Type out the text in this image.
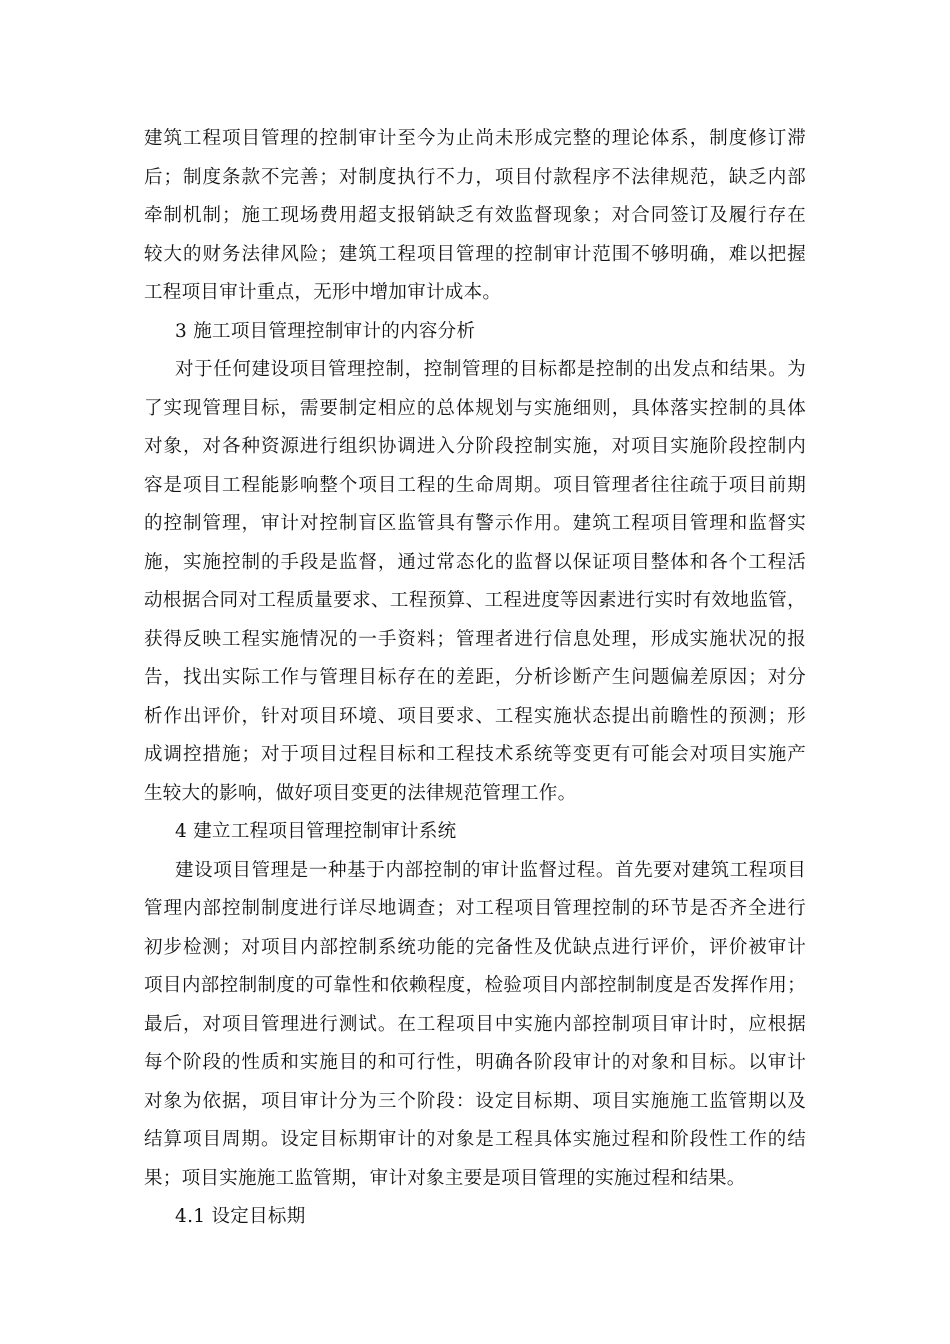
建筑工程项目管理的控制审计至今为止尚未形成完整的理论体系，制度修订滞
后；制度条款不完善；对制度执行不力，项目付款程序不法律规范，缺乏内部
牵制机制；施工现场费用超支报销缺乏有效监督现象；对合同签订及履行存在
较大的财务法律风险；建筑工程项目管理的控制审计范围不够明确，难以把握
工程项目审计重点，无形中增加审计成本。
3 施工项目管理控制审计的内容分析
对于任何建设项目管理控制，控制管理的目标都是控制的出发点和结果。为
了实现管理目标，需要制定相应的总体规划与实施细则，具体落实控制的具体
对象，对各种资源进行组织协调进入分阶段控制实施，对项目实施阶段控制内
容是项目工程能影响整个项目工程的生命周期。项目管理者往往疏于项目前期
的控制管理，审计对控制盲区监管具有警示作用。建筑工程项目管理和监督实
施，实施控制的手段是监督，通过常态化的监督以保证项目整体和各个工程活
动根据合同对工程质量要求、工程预算、工程进度等因素进行实时有效地监管，
获得反映工程实施情况的一手资料；管理者进行信息处理，形成实施状况的报
告，找出实际工作与管理目标存在的差距，分析诊断产生问题偏差原因；对分
析作出评价，针对项目环境、项目要求、工程实施状态提出前瞻性的预测；形
成调控措施；对于项目过程目标和工程技术系统等变更有可能会对项目实施产
生较大的影响，做好项目变更的法律规范管理工作。
4 建立工程项目管理控制审计系统
建设项目管理是一种基于内部控制的审计监督过程。首先要对建筑工程项目
管理内部控制制度进行详尽地调查；对工程项目管理控制的环节是否齐全进行
初步检测；对项目内部控制系统功能的完备性及优缺点进行评价，评价被审计
项目内部控制制度的可靠性和依赖程度，检验项目内部控制制度是否发挥作用；
最后，对项目管理进行测试。在工程项目中实施内部控制项目审计时，应根据
每个阶段的性质和实施目的和可行性，明确各阶段审计的对象和目标。以审计
对象为依据，项目审计分为三个阶段：设定目标期、项目实施施工监管期以及
结算项目周期。设定目标期审计的对象是工程具体实施过程和阶段性工作的结
果；项目实施施工监管期，审计对象主要是项目管理的实施过程和结果。
4.1 设定目标期
